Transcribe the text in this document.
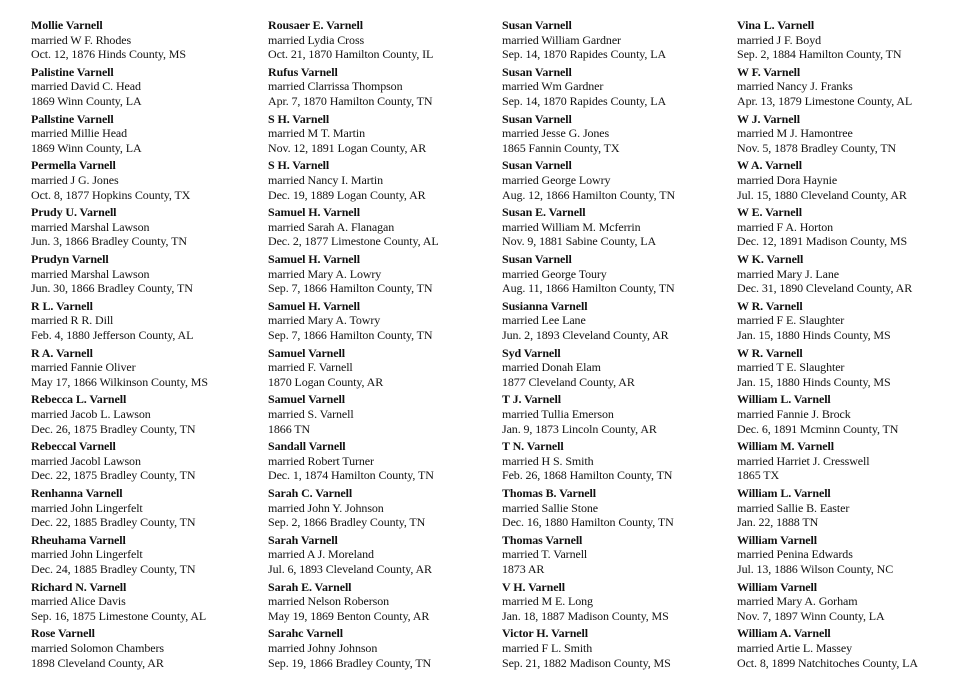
Mollie Varnell
married W F. Rhodes
Oct. 12, 1876 Hinds County, MS
Palistine Varnell
married David C. Head
1869 Winn County, LA
Pallstine Varnell
married Millie Head
1869 Winn County, LA
Permella Varnell
married J G. Jones
Oct. 8, 1877 Hopkins County, TX
Prudy U. Varnell
married Marshal Lawson
Jun. 3, 1866 Bradley County, TN
Prudyn Varnell
married Marshal Lawson
Jun. 30, 1866 Bradley County, TN
R L. Varnell
married R R. Dill
Feb. 4, 1880 Jefferson County, AL
R A. Varnell
married Fannie Oliver
May 17, 1866 Wilkinson County, MS
Rebecca L. Varnell
married Jacob L. Lawson
Dec. 26, 1875 Bradley County, TN
Rebeccal Varnell
married Jacobl Lawson
Dec. 22, 1875 Bradley County, TN
Renhanna Varnell
married John Lingerfelt
Dec. 22, 1885 Bradley County, TN
Rheuhama Varnell
married John Lingerfelt
Dec. 24, 1885 Bradley County, TN
Richard N. Varnell
married Alice Davis
Sep. 16, 1875 Limestone County, AL
Rose Varnell
married Solomon Chambers
1898 Cleveland County, AR
Rousaer E. Varnell
married Lydia Cross
Oct. 21, 1870 Hamilton County, IL
Rufus Varnell
married Clarrissa Thompson
Apr. 7, 1870 Hamilton County, TN
S H. Varnell
married M T. Martin
Nov. 12, 1891 Logan County, AR
S H. Varnell
married Nancy I. Martin
Dec. 19, 1889 Logan County, AR
Samuel H. Varnell
married Sarah A. Flanagan
Dec. 2, 1877 Limestone County, AL
Samuel H. Varnell
married Mary A. Lowry
Sep. 7, 1866 Hamilton County, TN
Samuel H. Varnell
married Mary A. Towry
Sep. 7, 1866 Hamilton County, TN
Samuel Varnell
married F. Varnell
1870 Logan County, AR
Samuel Varnell
married S. Varnell
1866 TN
Sandall Varnell
married Robert Turner
Dec. 1, 1874 Hamilton County, TN
Sarah C. Varnell
married John Y. Johnson
Sep. 2, 1866 Bradley County, TN
Sarah Varnell
married A J. Moreland
Jul. 6, 1893 Cleveland County, AR
Sarah E. Varnell
married Nelson Roberson
May 19, 1869 Benton County, AR
Sarahc Varnell
married Johny Johnson
Sep. 19, 1866 Bradley County, TN
Susan Varnell
married William Gardner
Sep. 14, 1870 Rapides County, LA
Susan Varnell
married Wm Gardner
Sep. 14, 1870 Rapides County, LA
Susan Varnell
married Jesse G. Jones
1865 Fannin County, TX
Susan Varnell
married George Lowry
Aug. 12, 1866 Hamilton County, TN
Susan E. Varnell
married William M. Mcferrin
Nov. 9, 1881 Sabine County, LA
Susan Varnell
married George Toury
Aug. 11, 1866 Hamilton County, TN
Susianna Varnell
married Lee Lane
Jun. 2, 1893 Cleveland County, AR
Syd Varnell
married Donah Elam
1877 Cleveland County, AR
T J. Varnell
married Tullia Emerson
Jan. 9, 1873 Lincoln County, AR
T N. Varnell
married H S. Smith
Feb. 26, 1868 Hamilton County, TN
Thomas B. Varnell
married Sallie Stone
Dec. 16, 1880 Hamilton County, TN
Thomas Varnell
married T. Varnell
1873 AR
V H. Varnell
married M E. Long
Jan. 18, 1887 Madison County, MS
Victor H. Varnell
married F L. Smith
Sep. 21, 1882 Madison County, MS
Vina L. Varnell
married J F. Boyd
Sep. 2, 1884 Hamilton County, TN
W F. Varnell
married Nancy J. Franks
Apr. 13, 1879 Limestone County, AL
W J. Varnell
married M J. Hamontree
Nov. 5, 1878 Bradley County, TN
W A. Varnell
married Dora Haynie
Jul. 15, 1880 Cleveland County, AR
W E. Varnell
married F A. Horton
Dec. 12, 1891 Madison County, MS
W K. Varnell
married Mary J. Lane
Dec. 31, 1890 Cleveland County, AR
W R. Varnell
married F E. Slaughter
Jan. 15, 1880 Hinds County, MS
W R. Varnell
married T E. Slaughter
Jan. 15, 1880 Hinds County, MS
William L. Varnell
married Fannie J. Brock
Dec. 6, 1891 Mcminn County, TN
William M. Varnell
married Harriet J. Cresswell
1865 TX
William L. Varnell
married Sallie B. Easter
Jan. 22, 1888 TN
William Varnell
married Penina Edwards
Jul. 13, 1886 Wilson County, NC
William Varnell
married Mary A. Gorham
Nov. 7, 1897 Winn County, LA
William A. Varnell
married Artie L. Massey
Oct. 8, 1899 Natchitoches County, LA
